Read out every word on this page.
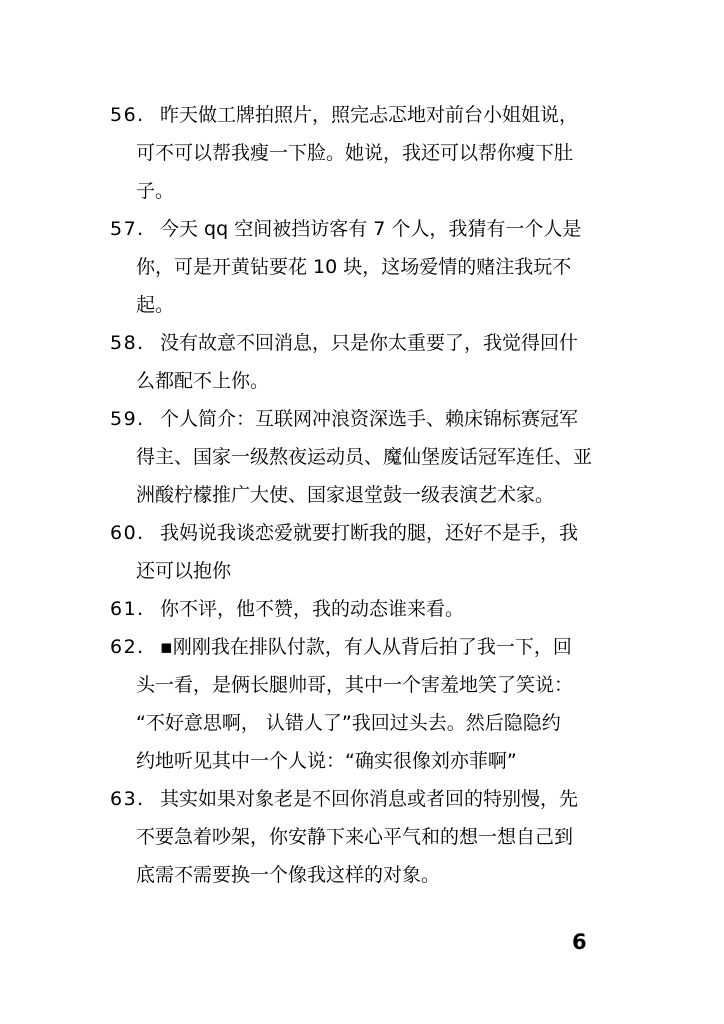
56. 昨天做工牌拍照片，照完忐忑地对前台小姐姐说，
可不可以帮我瘦一下脸。她说，我还可以帮你瘦下肚
子。
57. 今天 qq 空间被挡访客有 7 个人，我猜有一个人是
你，可是开黄钻要花 10 块，这场爱情的赌注我玩不
起。
58. 没有故意不回消息，只是你太重要了，我觉得回什
么都配不上你。
59. 个人简介：互联网冲浪资深选手、赖床锦标赛冠军
得主、国家一级熬夜运动员、魔仙堡废话冠军连任、亚
洲酸柠檬推广大使、国家退堂鼓一级表演艺术家。
60. 我妈说我谈恋爱就要打断我的腿，还好不是手，我
还可以抱你
61. 你不评，他不赞，我的动态谁来看。
62. ▪刚刚我在排队付款，有人从背后拍了我一下，回
头一看，是俩长腿帅哥，其中一个害羞地笑了笑说：
“不好意思啊， 认错人了”我回过头去。然后隐隐约
约地听见其中一个人说：“确实很像刘亦菲啊”
63. 其实如果对象老是不回你消息或者回的特别慢，先
不要急着吵架，你安静下来心平气和的想一想自己到
底需不需要换一个像我这样的对象。
6
